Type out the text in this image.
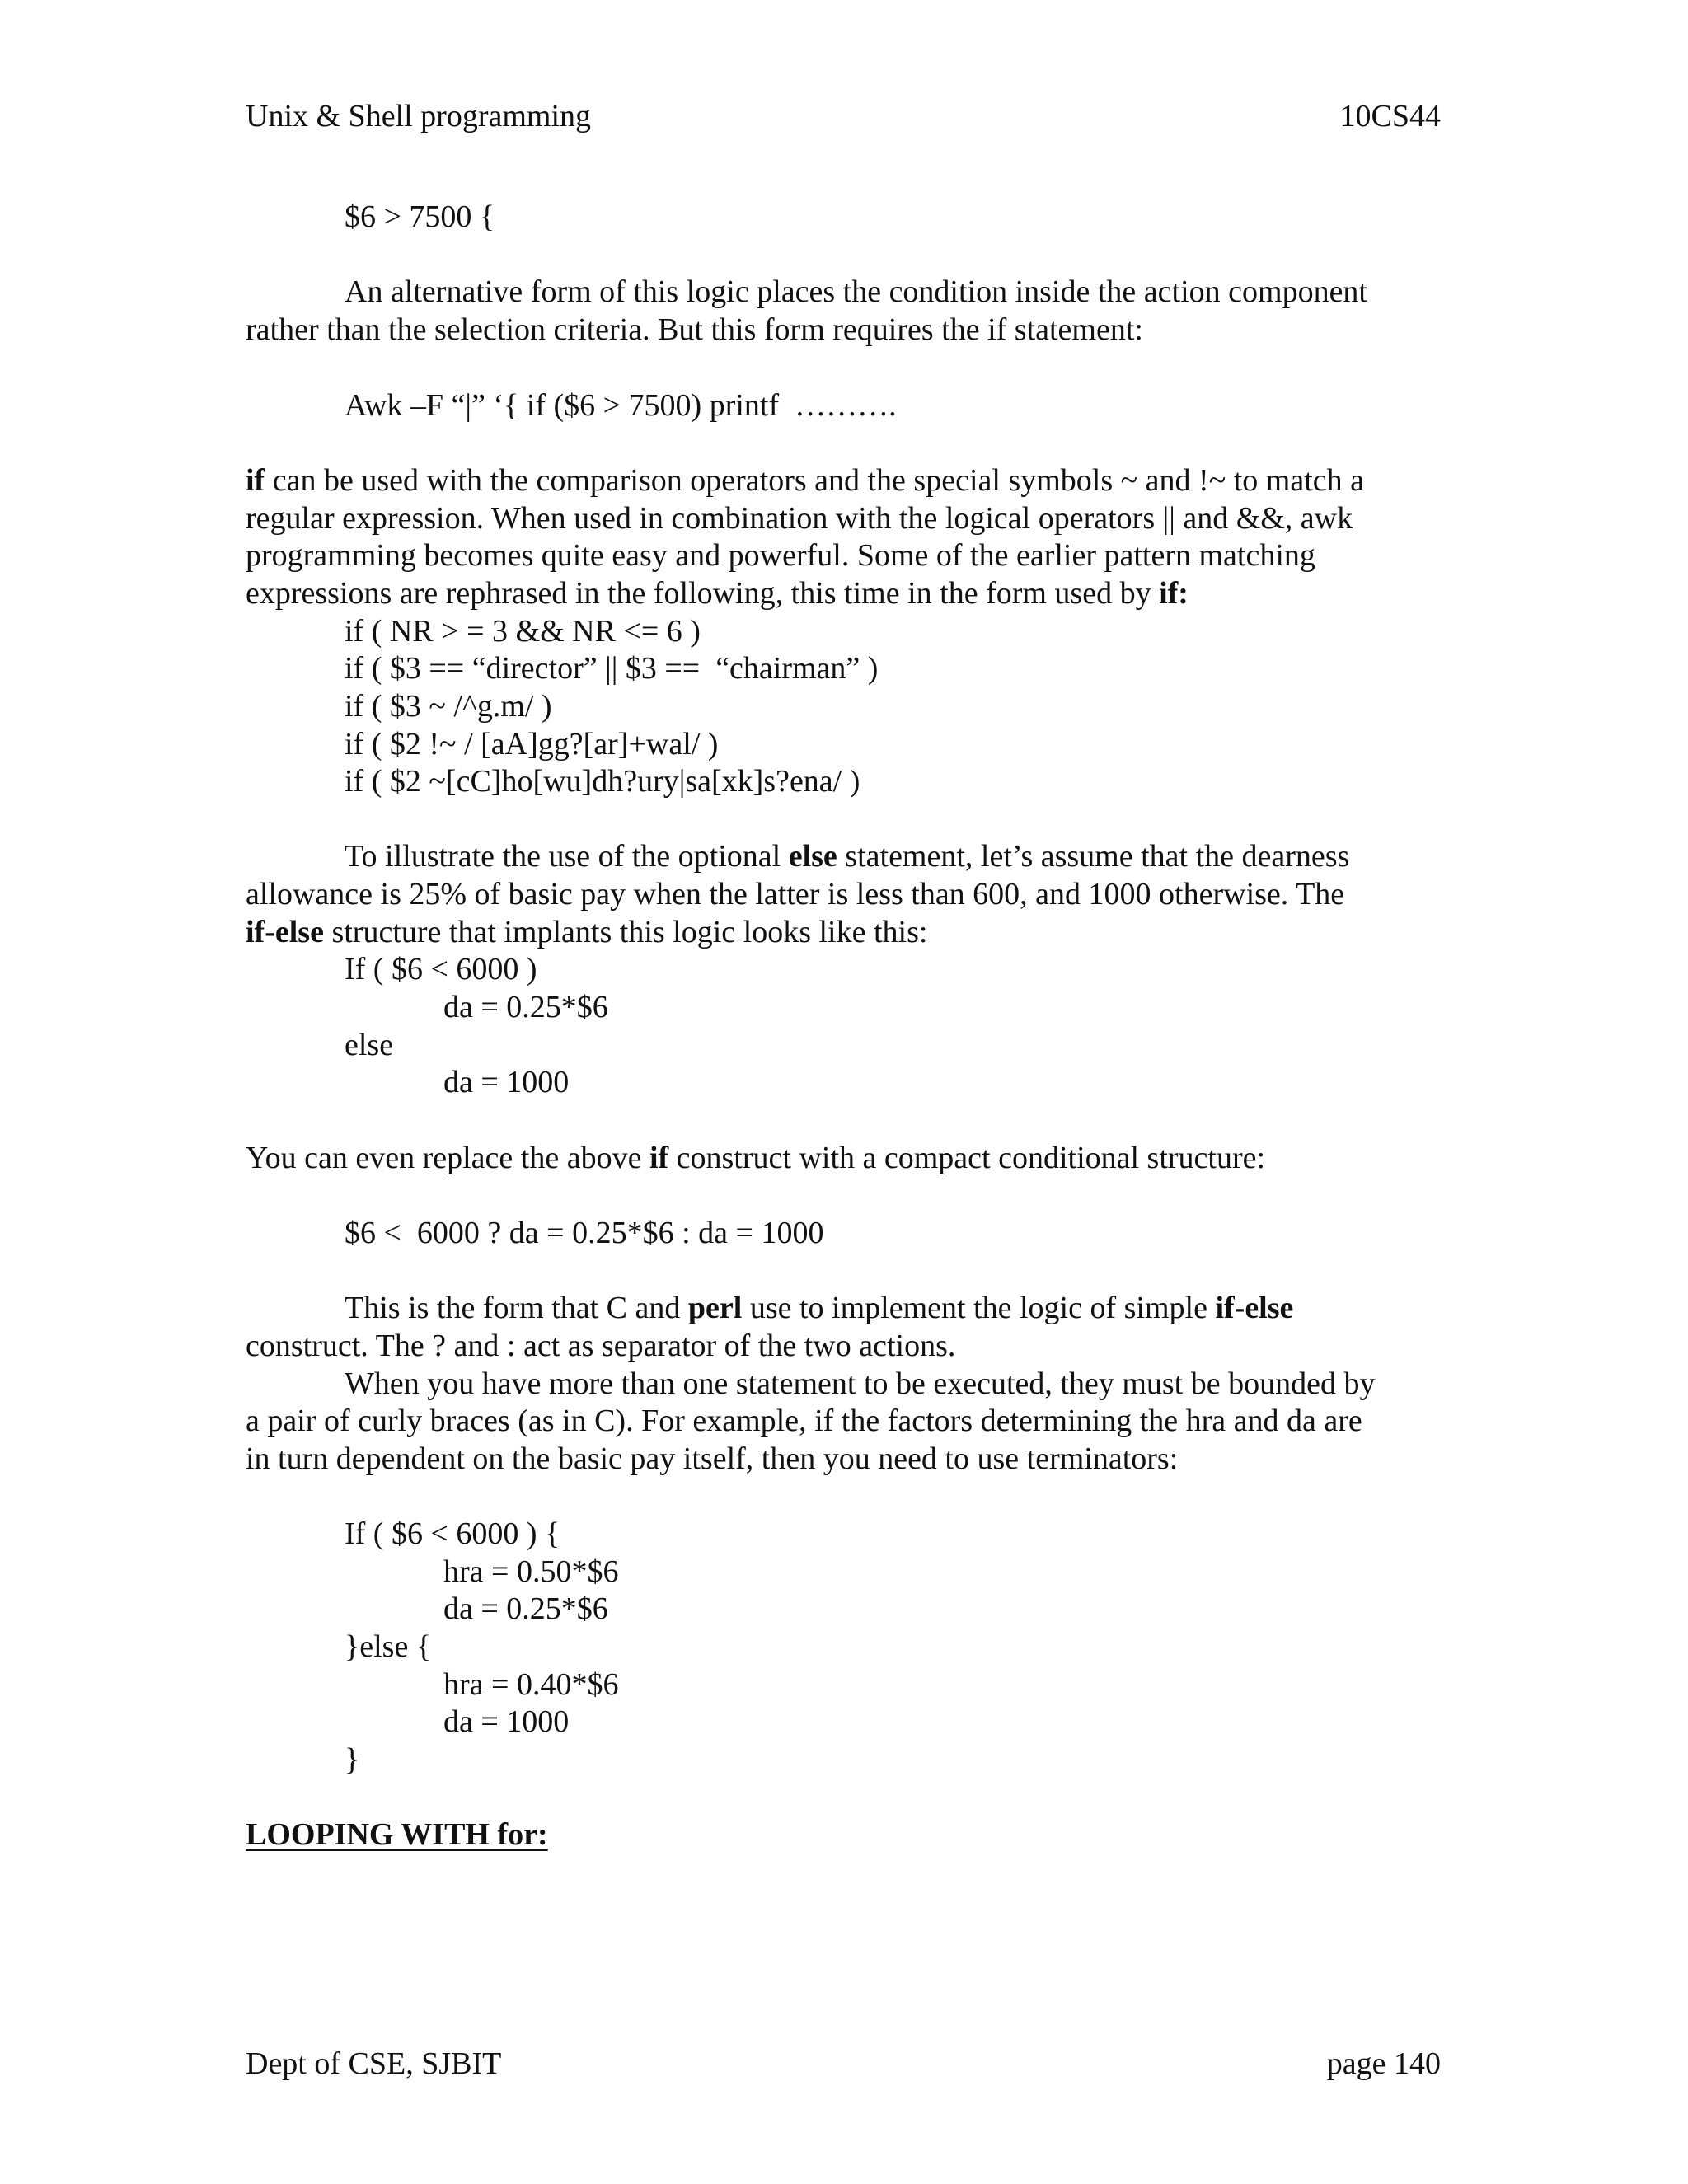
Unix & Shell programming	10CS44
$6 > 7500 {
An alternative form of this logic places the condition inside the action component
rather than the selection criteria. But this form requires the if statement:
Awk –F “|” ‘{ if ($6 > 7500) printf  ……….
if can be used with the comparison operators and the special symbols ~ and !~ to match a
regular expression. When used in combination with the logical operators || and &&, awk
programming becomes quite easy and powerful. Some of the earlier pattern matching
expressions are rephrased in the following, this time in the form used by if:
if ( NR > = 3 && NR <= 6 )
if ( $3 == “director” || $3 ==  “chairman” )
if ( $3 ~ /^g.m/ )
if ( $2 !~ / [aA]gg?[ar]+wal/ )
if ( $2 ~[cC]ho[wu]dh?ury|sa[xk]s?ena/ )
To illustrate the use of the optional else statement, let’s assume that the dearness
allowance is 25% of basic pay when the latter is less than 600, and 1000 otherwise. The
if-else structure that implants this logic looks like this:
If ( $6 < 6000 )
da = 0.25*$6
else
da = 1000
You can even replace the above if construct with a compact conditional structure:
$6 <  6000 ? da = 0.25*$6 : da = 1000
This is the form that C and perl use to implement the logic of simple if-else
construct. The ? and : act as separator of the two actions.
When you have more than one statement to be executed, they must be bounded by
a pair of curly braces (as in C). For example, if the factors determining the hra and da are
in turn dependent on the basic pay itself, then you need to use terminators:
If ( $6 < 6000 ) {
hra = 0.50*$6
da = 0.25*$6
}else {
hra = 0.40*$6
da = 1000
}
LOOPING WITH for:
Dept of CSE, SJBIT	page 140
